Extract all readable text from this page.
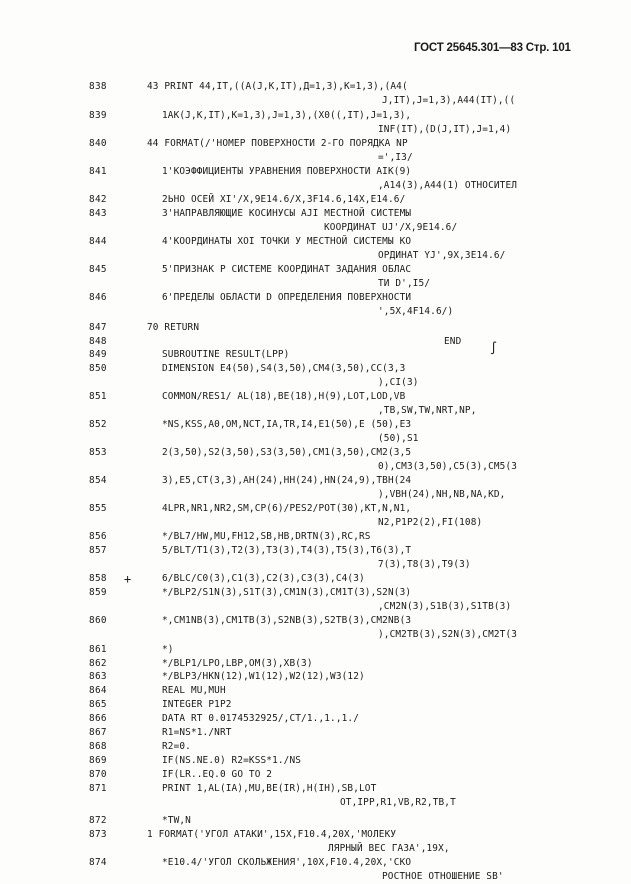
ГОСТ 25645.301—83 Стр. 101
838	43 PRINT 44,IT,((A(J,K,IT),Д=1,3),K=1,3),(A4(
J,IT),J=1,3),A44(IT),((
839	1AK(J,K,IT),K=1,3),J=1,3),(X0((,IT),J=1,3),
INF(IT),(D(J,IT),J=1,4)
840	44 FORMAT(/'НОМЕР ПОВЕРХНОСТИ 2-ГО ПОРЯДКА NP
=',I3/
841	1'КОЭФФИЦИЕНТЫ УРАВНЕНИЯ ПОВЕРХНОСТИ AIK(9)
,A14(3),A44(1) ОТНОСИТЕЛ
842	2ЬНО ОСЕЙ XI'/X,9E14.6/X,3F14.6,14X,E14.6/
843	3'НАПРАВЛЯЮЩИЕ КОСИНУСЫ AJI МЕСТНОЙ СИСТЕМЫ
КООРДИНАТ UJ'/X,9E14.6/
844	4'КООРДИНАТЫ XOI ТОЧКИ У МЕСТНОЙ СИСТЕМЫ КО
ОРДИНАТ YJ',9X,3E14.6/
845	5'ПРИЗНАК Р СИСТЕМЕ КООРДИНАТ ЗАДАНИЯ ОБЛАС
ТИ D',I5/
846	6'ПРЕДЕЛЫ ОБЛАСТИ D ОПРЕДЕЛЕНИЯ ПОВЕРХНОСТИ
',5X,4F14.6/)
847	70 RETURN
848	END
849	SUBROUTINE RESULT(LPP)
850	DIMENSION E4(50),S4(3,50),CM4(3,50),CC(3,3
),CI(3)
851	COMMON/RES1/ AL(18),BE(18),H(9),LOT,LOD,VB
,TB,SW,TW,NRT,NP,
852	*NS,KSS,A0,OM,NCT,IA,TR,I4,E1(50),E (50),E3
(50),S1
853	2(3,50),S2(3,50),S3(3,50),CM1(3,50),CM2(3,5
0),CM3(3,50),C5(3),CM5(3
854	3),E5,CT(3,3),AH(24),HH(24),HN(24,9),TBH(24
),VBH(24),NH,NB,NA,KD,
855	4LPR,NR1,NR2,SM,CP(6)/PES2/POT(30),KT,N,N1,
N2,P1P2(2),FI(108)
856	*/BL7/HW,MU,FH12,SB,HB,DRTN(3),RC,RS
857	5/BLT/T1(3),T2(3),T3(3),T4(3),T5(3),T6(3),T
7(3),T8(3),T9(3)
858	6/BLC/C0(3),C1(3),C2(3),C3(3),C4(3)
859	*/BLP2/S1N(3),S1T(3),CM1N(3),CM1T(3),S2N(3)
,CM2N(3),S1B(3),S1TB(3)
860	*,CM1NB(3),CM1TB(3),S2NB(3),S2TB(3),CM2NB(3
),CM2TB(3),S2N(3),CM2T(3
861	*)
862	*/BLP1/LPO,LBP,OM(3),XB(3)
863	*/BLP3/HKN(12),W1(12),W2(12),W3(12)
864	REAL MU,MUH
865	INTEGER P1P2
866	DATA RT 0.0174532925/,CT/1.,1.,1./
867	R1=NS*1./NRT
868	R2=0.
869	IF(NS.NE.0) R2=KSS*1./NS
870	IF(LR..EQ.0 GO TO 2
871	PRINT 1,AL(IA),MU,BE(IR),H(IH),SB,LOT
OT,IPP,R1,VB,R2,TB,T
872	*TW,N
873	1 FORMAT('УГОЛ АТАКИ',15X,F10.4,20X,'МОЛЕКУ
ЛЯРНЫЙ ВЕС ГАЗА',19X,
874	*E10.4/'УГОЛ СКОЛЬЖЕНИЯ',10X,F10.4,20X,'СКО
РОСТНОЕ ОТНОШЕНИЕ SB'
∫
+
